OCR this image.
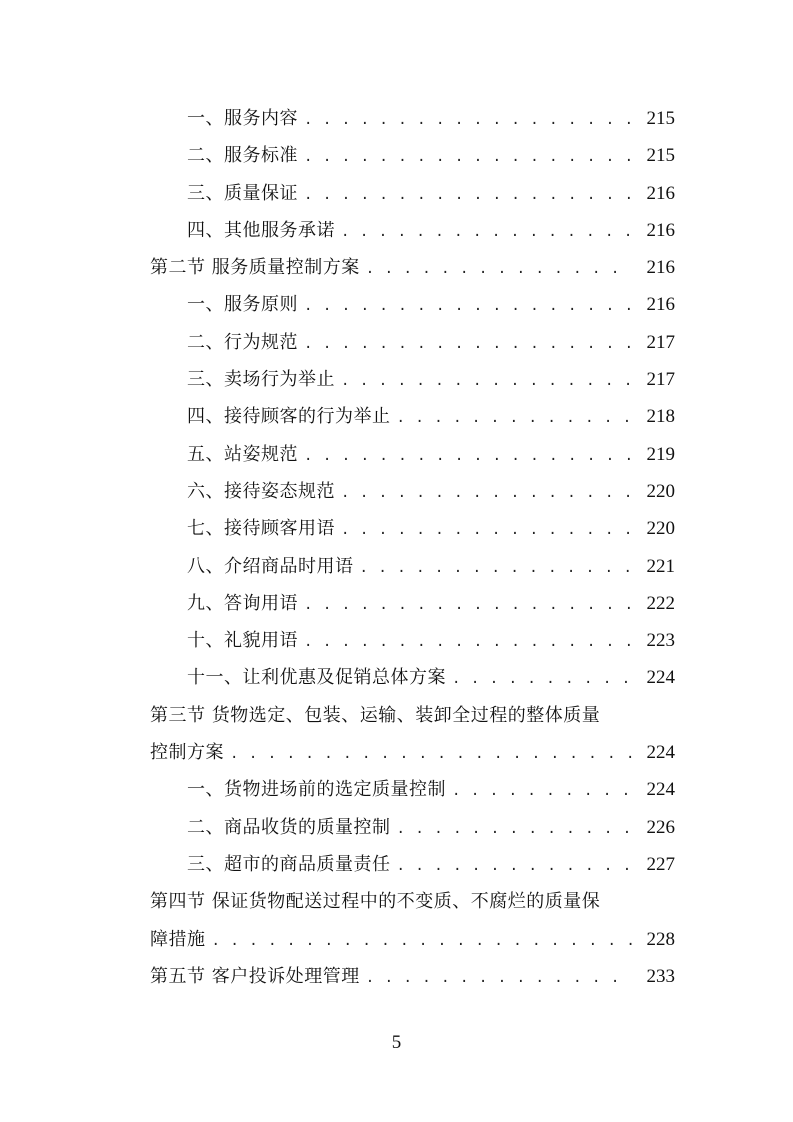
一、服务内容 . . .	215
二、服务标准 . . .	215
三、质量保证 . . .	216
四、其他服务承诺 . . .	216
第二节 服务质量控制方案 . . .	216
一、服务原则 . . .	216
二、行为规范 . . .	217
三、卖场行为举止 . . .	217
四、接待顾客的行为举止 . . .	218
五、站姿规范 . . .	219
六、接待姿态规范 . . .	220
七、接待顾客用语 . . .	220
八、介绍商品时用语 . . .	221
九、答询用语 . . .	222
十、礼貌用语 . . .	223
十一、让利优惠及促销总体方案 . . .	224
第三节 货物选定、包装、运输、装卸全过程的整体质量
控制方案 . . .	224
一、货物进场前的选定质量控制 . . .	224
二、商品收货的质量控制 . . .	226
三、超市的商品质量责任 . . .	227
第四节 保证货物配送过程中的不变质、不腐烂的质量保
障措施 . . .	228
第五节 客户投诉处理管理 . . .	233
5
